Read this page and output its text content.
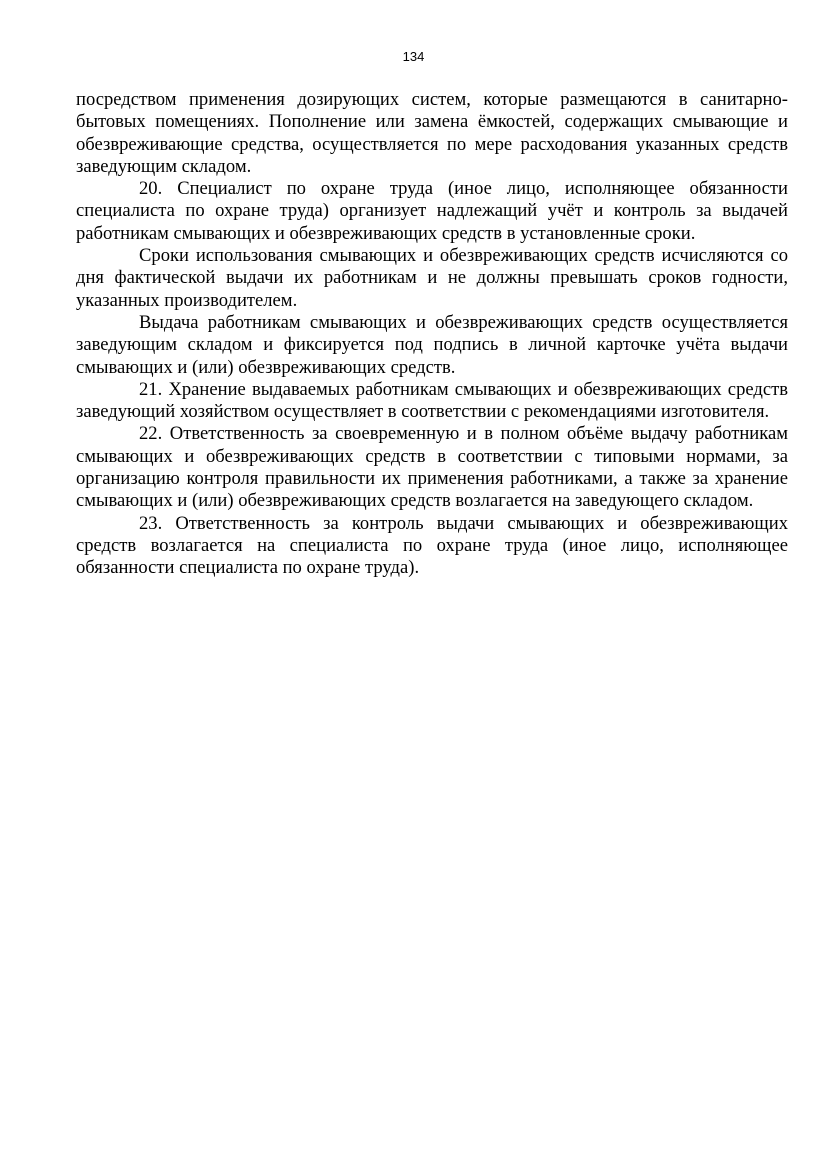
134

посредством применения дозирующих систем, которые размещаются в санитарно-бытовых помещениях. Пополнение или замена ёмкостей, содержащих смывающие и обезвреживающие средства, осуществляется по мере расходования указанных средств заведующим складом.

20. Специалист по охране труда (иное лицо, исполняющее обязанности специалиста по охране труда) организует надлежащий учёт и контроль за выдачей работникам смывающих и обезвреживающих средств в установленные сроки.

Сроки использования смывающих и обезвреживающих средств исчисляются со дня фактической выдачи их работникам и не должны превышать сроков годности, указанных производителем.

Выдача работникам смывающих и обезвреживающих средств осуществляется заведующим складом и фиксируется под подпись в личной карточке учёта выдачи смывающих и (или) обезвреживающих средств.

21. Хранение выдаваемых работникам смывающих и обезвреживающих средств заведующий хозяйством осуществляет в соответствии с рекомендациями изготовителя.

22. Ответственность за своевременную и в полном объёме выдачу работникам смывающих и обезвреживающих средств в соответствии с типовыми нормами, за организацию контроля правильности их применения работниками, а также за хранение смывающих и (или) обезвреживающих средств возлагается на заведующего складом.

23. Ответственность за контроль выдачи смывающих и обезвреживающих средств возлагается на специалиста по охране труда (иное лицо, исполняющее обязанности специалиста по охране труда).
